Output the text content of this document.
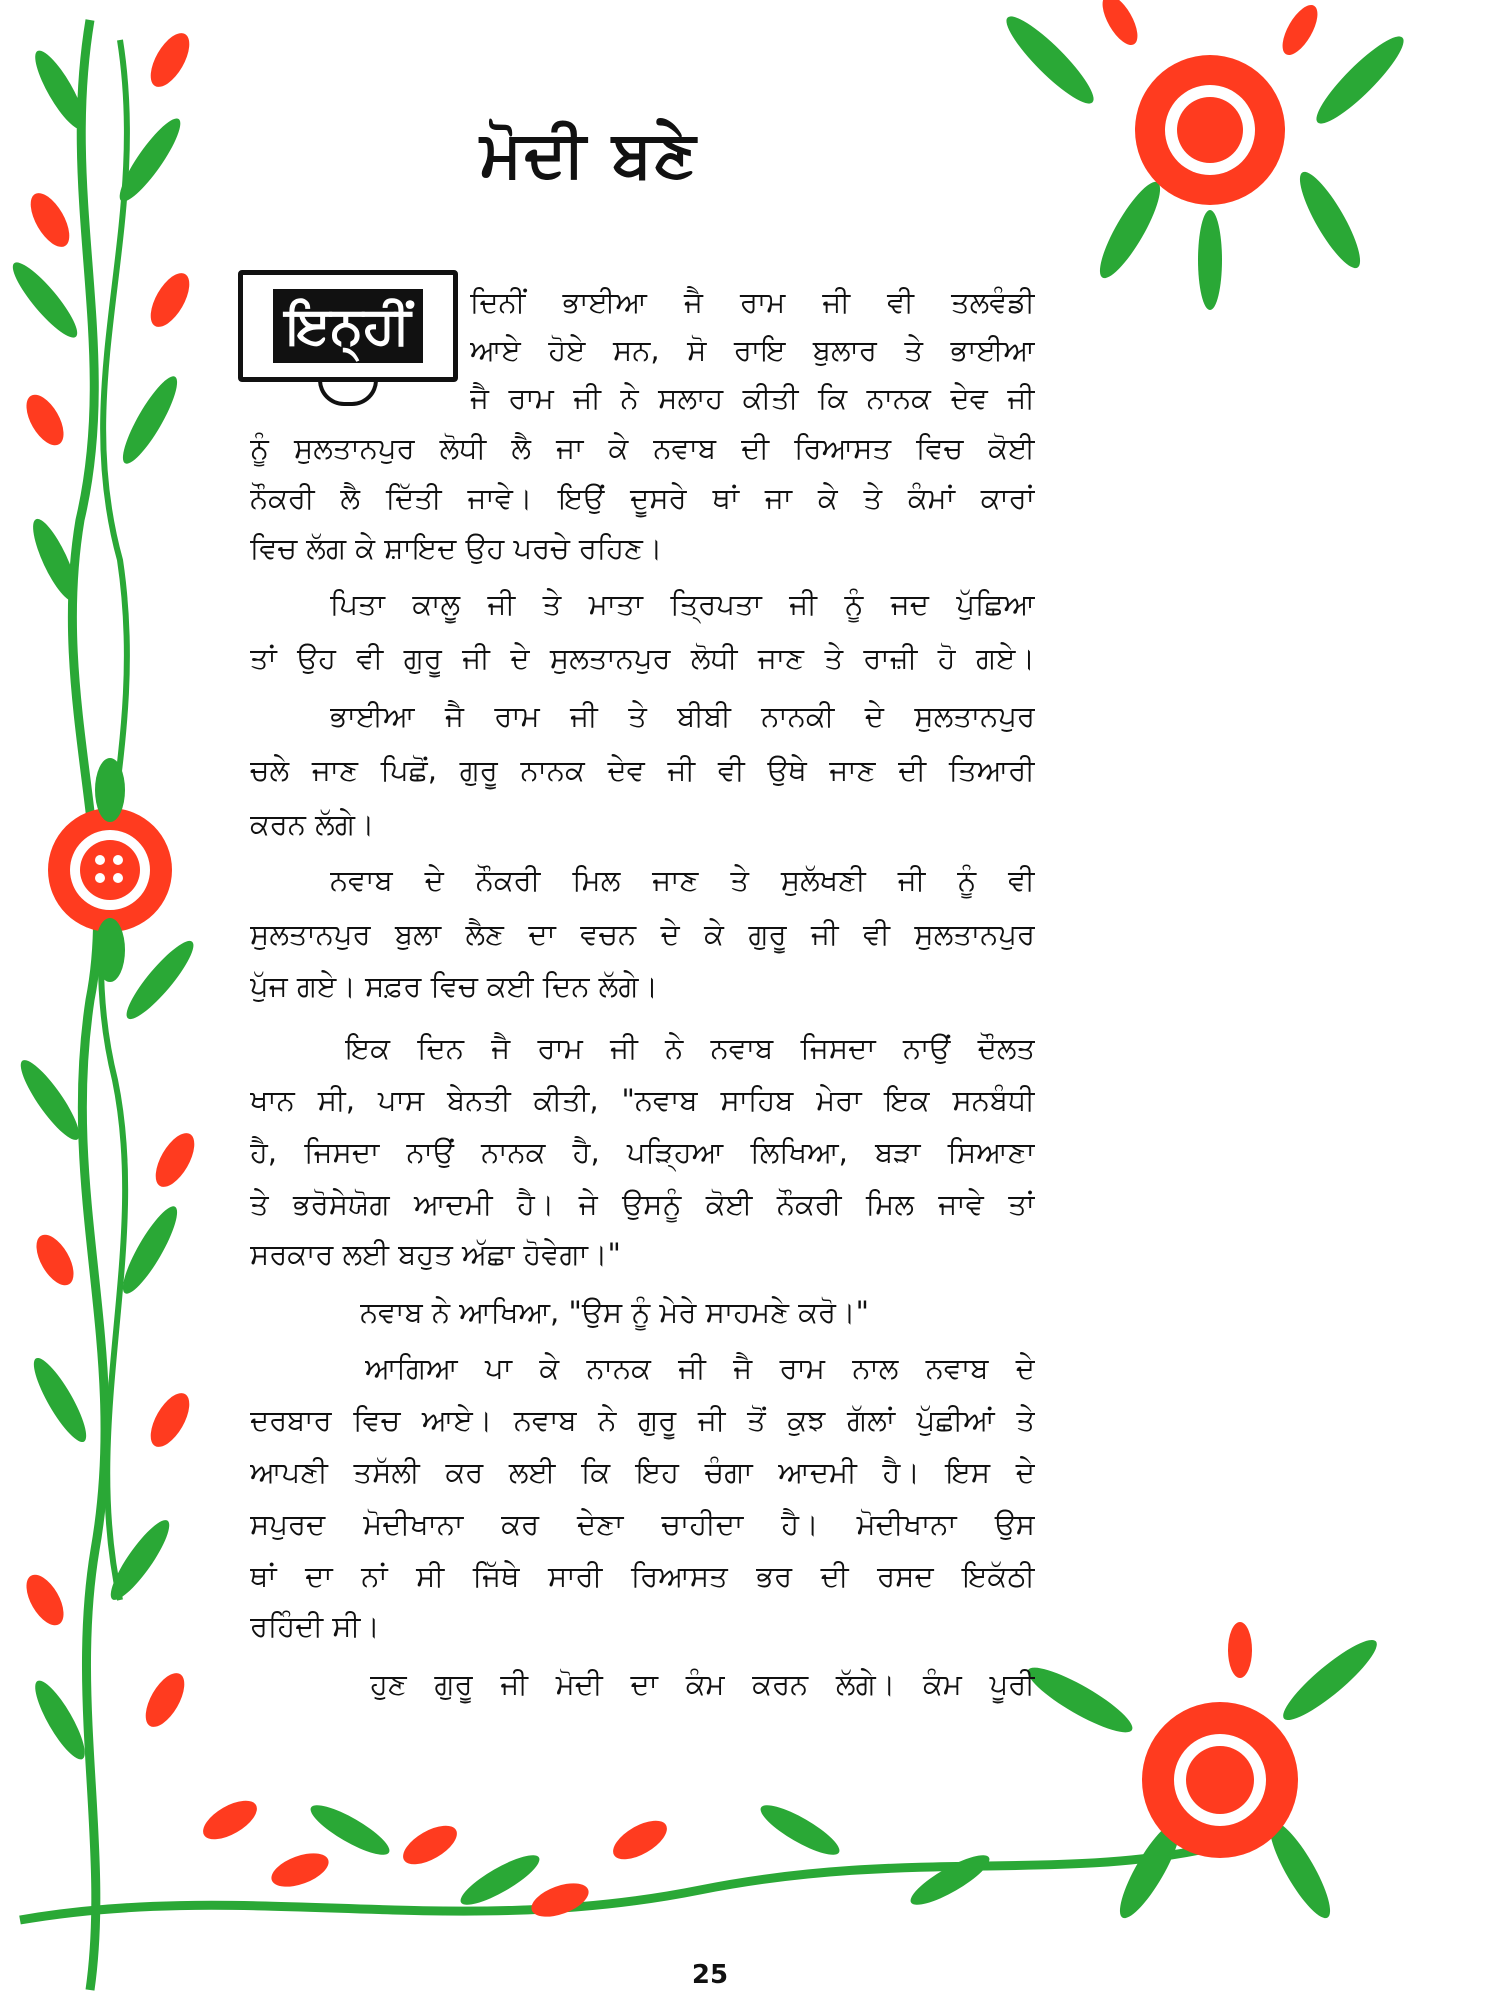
ਮੋਦੀ ਬਣੇ
ਇਨ੍ਹੀਂ	ਦਿਨੀਂ ਭਾਈਆ ਜੈ ਰਾਮ ਜੀ ਵੀ ਤਲਵੰਡੀ
ਆਏ ਹੋਏ ਸਨ, ਸੋ ਰਾਇ ਬੁਲਾਰ ਤੇ ਭਾਈਆ
ਜੈ ਰਾਮ ਜੀ ਨੇ ਸਲਾਹ ਕੀਤੀ ਕਿ ਨਾਨਕ ਦੇਵ ਜੀ
ਨੂੰ ਸੁਲਤਾਨਪੁਰ ਲੋਧੀ ਲੈ ਜਾ ਕੇ ਨਵਾਬ ਦੀ ਰਿਆਸਤ ਵਿਚ ਕੋਈ
ਨੌਕਰੀ ਲੈ ਦਿੱਤੀ ਜਾਵੇ। ਇਉਂ ਦੂਸਰੇ ਥਾਂ ਜਾ ਕੇ ਤੇ ਕੰਮਾਂ ਕਾਰਾਂ
ਵਿਚ ਲੱਗ ਕੇ ਸ਼ਾਇਦ ਉਹ ਪਰਚੇ ਰਹਿਣ।
ਪਿਤਾ ਕਾਲੂ ਜੀ ਤੇ ਮਾਤਾ ਤ੍ਰਿਪਤਾ ਜੀ ਨੂੰ ਜਦ ਪੁੱਛਿਆ
ਤਾਂ ਉਹ ਵੀ ਗੁਰੂ ਜੀ ਦੇ ਸੁਲਤਾਨਪੁਰ ਲੋਧੀ ਜਾਣ ਤੇ ਰਾਜ਼ੀ ਹੋ ਗਏ।
ਭਾਈਆ ਜੈ ਰਾਮ ਜੀ ਤੇ ਬੀਬੀ ਨਾਨਕੀ ਦੇ ਸੁਲਤਾਨਪੁਰ
ਚਲੇ ਜਾਣ ਪਿਛੋਂ, ਗੁਰੂ ਨਾਨਕ ਦੇਵ ਜੀ ਵੀ ਉਥੇ ਜਾਣ ਦੀ ਤਿਆਰੀ
ਕਰਨ ਲੱਗੇ।
ਨਵਾਬ ਦੇ ਨੌਕਰੀ ਮਿਲ ਜਾਣ ਤੇ ਸੁਲੱਖਣੀ ਜੀ ਨੂੰ ਵੀ
ਸੁਲਤਾਨਪੁਰ ਬੁਲਾ ਲੈਣ ਦਾ ਵਚਨ ਦੇ ਕੇ ਗੁਰੂ ਜੀ ਵੀ ਸੁਲਤਾਨਪੁਰ
ਪੁੱਜ ਗਏ। ਸਫ਼ਰ ਵਿਚ ਕਈ ਦਿਨ ਲੱਗੇ।
ਇਕ ਦਿਨ ਜੈ ਰਾਮ ਜੀ ਨੇ ਨਵਾਬ ਜਿਸਦਾ ਨਾਉਂ ਦੌਲਤ
ਖਾਨ ਸੀ, ਪਾਸ ਬੇਨਤੀ ਕੀਤੀ, "ਨਵਾਬ ਸਾਹਿਬ ਮੇਰਾ ਇਕ ਸਨਬੰਧੀ
ਹੈ, ਜਿਸਦਾ ਨਾਉਂ ਨਾਨਕ ਹੈ, ਪੜ੍ਹਿਆ ਲਿਖਿਆ, ਬੜਾ ਸਿਆਣਾ
ਤੇ ਭਰੋਸੇਯੋਗ ਆਦਮੀ ਹੈ। ਜੇ ਉਸਨੂੰ ਕੋਈ ਨੌਕਰੀ ਮਿਲ ਜਾਵੇ ਤਾਂ
ਸਰਕਾਰ ਲਈ ਬਹੁਤ ਅੱਛਾ ਹੋਵੇਗਾ।"
ਨਵਾਬ ਨੇ ਆਖਿਆ, "ਉਸ ਨੂੰ ਮੇਰੇ ਸਾਹਮਣੇ ਕਰੋ।"
ਆਗਿਆ ਪਾ ਕੇ ਨਾਨਕ ਜੀ ਜੈ ਰਾਮ ਨਾਲ ਨਵਾਬ ਦੇ
ਦਰਬਾਰ ਵਿਚ ਆਏ। ਨਵਾਬ ਨੇ ਗੁਰੂ ਜੀ ਤੋਂ ਕੁਝ ਗੱਲਾਂ ਪੁੱਛੀਆਂ ਤੇ
ਆਪਣੀ ਤਸੱਲੀ ਕਰ ਲਈ ਕਿ ਇਹ ਚੰਗਾ ਆਦਮੀ ਹੈ। ਇਸ ਦੇ
ਸਪੁਰਦ ਮੋਦੀਖਾਨਾ ਕਰ ਦੇਣਾ ਚਾਹੀਦਾ ਹੈ। ਮੋਦੀਖਾਨਾ ਉਸ
ਥਾਂ ਦਾ ਨਾਂ ਸੀ ਜਿੱਥੇ ਸਾਰੀ ਰਿਆਸਤ ਭਰ ਦੀ ਰਸਦ ਇਕੱਠੀ
ਰਹਿੰਦੀ ਸੀ।
ਹੁਣ ਗੁਰੂ ਜੀ ਮੋਦੀ ਦਾ ਕੰਮ ਕਰਨ ਲੱਗੇ। ਕੰਮ ਪੂਰੀ
25
